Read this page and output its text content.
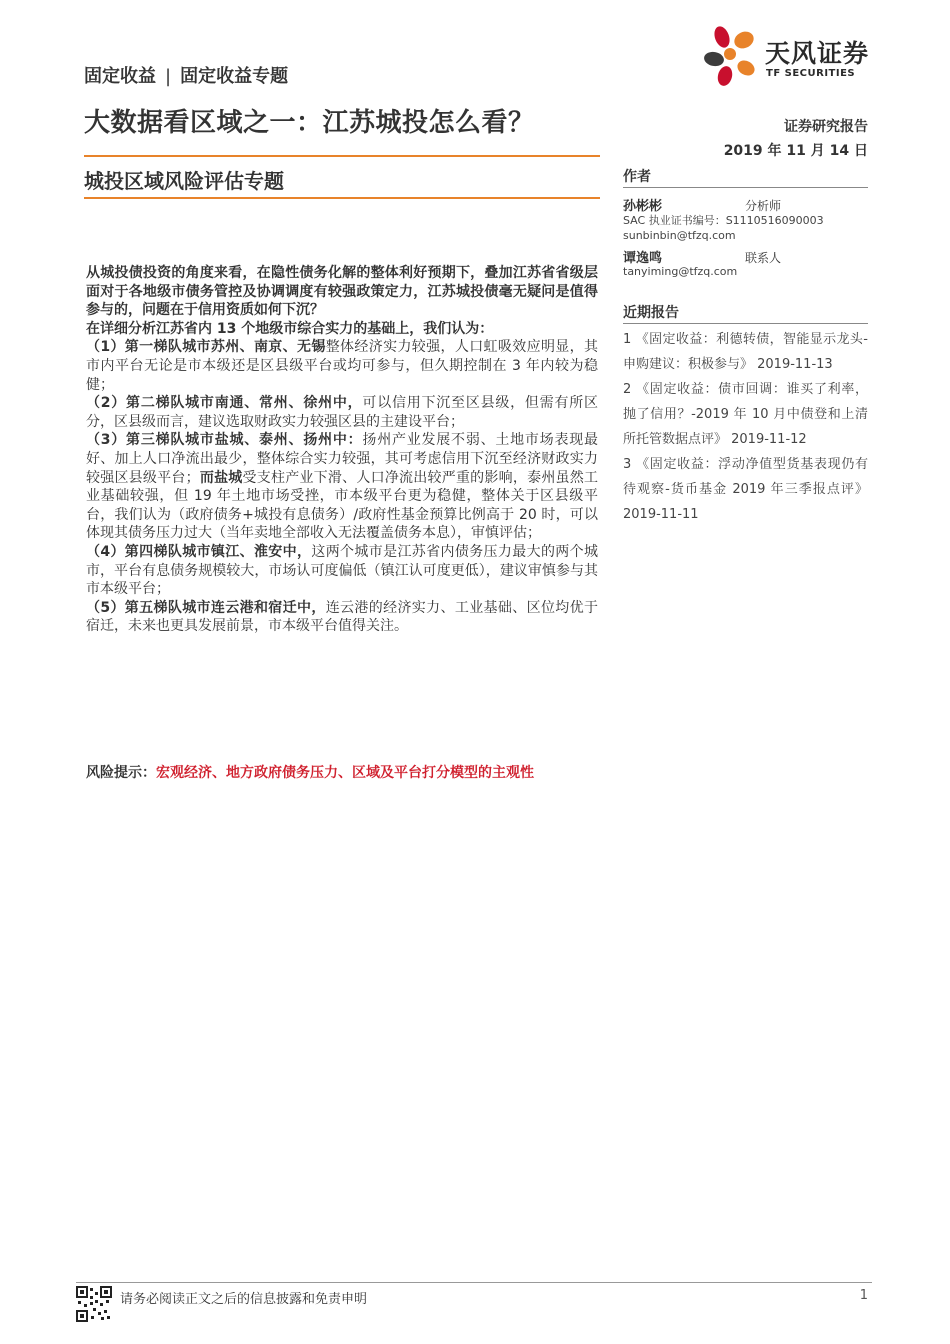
固定收益 | 固定收益专题
天风证券
TF SECURITIES
大数据看区域之一：江苏城投怎么看？	证券研究报告
2019 年 11 月 14 日
城投区域风险评估专题	作者
孙彬彬	分析师
SAC 执业证书编号：S1110516090003
sunbinbin@tfzq.com
谭逸鸣	联系人
tanyiming@tfzq.com
近期报告
1 《固定收益：利德转债，智能显示龙头-申购建议：积极参与》 2019-11-13
2 《固定收益：债市回调：谁买了利率，抛了信用？-2019 年 10 月中债登和上清所托管数据点评》 2019-11-12
3 《固定收益：浮动净值型货基表现仍有待观察-货币基金 2019 年三季报点评》 2019-11-11

从城投债投资的角度来看，在隐性债务化解的整体利好预期下，叠加江苏省省级层面对于各地级市债务管控及协调调度有较强政策定力，江苏城投债毫无疑问是值得参与的，问题在于信用资质如何下沉？

在详细分析江苏省内 13 个地级市综合实力的基础上，我们认为：

（1）第一梯队城市苏州、南京、无锡整体经济实力较强，人口虹吸效应明显，其市内平台无论是市本级还是区县级平台或均可参与，但久期控制在 3 年内较为稳健；

（2）第二梯队城市南通、常州、徐州中，可以信用下沉至区县级，但需有所区分，区县级而言，建议选取财政实力较强区县的主建设平台；

（3）第三梯队城市盐城、泰州、扬州中：扬州产业发展不弱、土地市场表现最好、加上人口净流出最少，整体综合实力较强，其可考虑信用下沉至经济财政实力较强区县级平台；而盐城受支柱产业下滑、人口净流出较严重的影响，泰州虽然工业基础较强，但 19 年土地市场受挫，市本级平台更为稳健，整体关于区县级平台，我们认为（政府债务+城投有息债务）/政府性基金预算比例高于 20 时，可以体现其债务压力过大（当年卖地全部收入无法覆盖债务本息），审慎评估；

（4）第四梯队城市镇江、淮安中，这两个城市是江苏省内债务压力最大的两个城市，平台有息债务规模较大，市场认可度偏低（镇江认可度更低），建议审慎参与其市本级平台；

（5）第五梯队城市连云港和宿迁中，连云港的经济实力、工业基础、区位均优于宿迁，未来也更具发展前景，市本级平台值得关注。

风险提示：宏观经济、地方政府债务压力、区域及平台打分模型的主观性
请务必阅读正文之后的信息披露和免责申明	1
